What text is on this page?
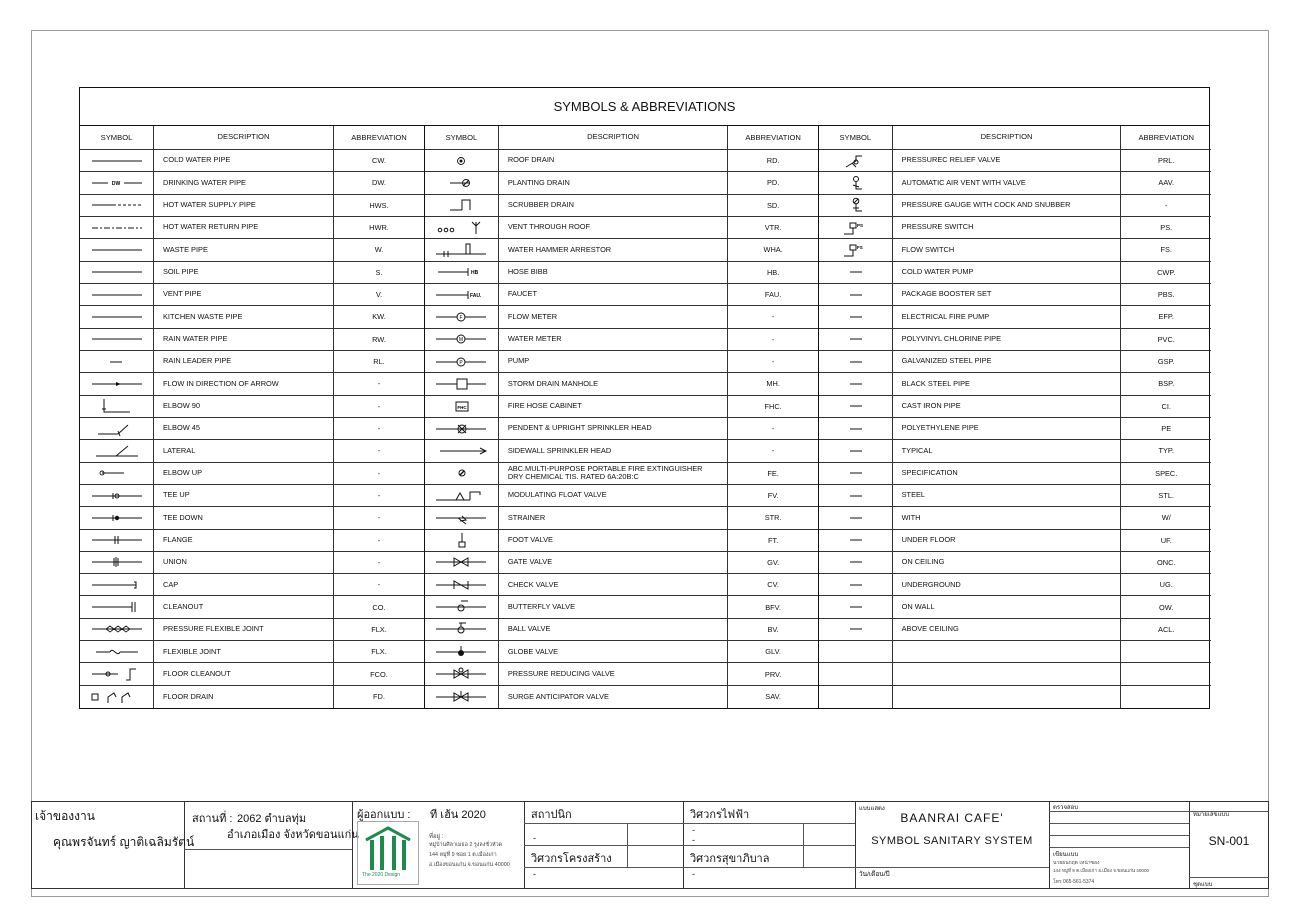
SYMBOLS & ABBREVIATIONS
SYMBOL	DESCRIPTION	ABBREVIATION
COLD WATER PIPE	CW.
DW	DRINKING WATER PIPE	DW.
HOT WATER SUPPLY PIPE	HWS.
HOT WATER RETURN PIPE	HWR.
WASTE PIPE	W.
SOIL PIPE	S.
VENT PIPE	V.
KITCHEN WASTE PIPE	KW.
RAIN WATER PIPE	RW.
RAIN LEADER PIPE	RL.
FLOW IN DIRECTION OF ARROW	-
ELBOW 90	-
ELBOW 45	-
LATERAL	-
ELBOW UP	-
TEE UP	-
TEE DOWN	-
FLANGE	-
UNION	-
CAP	-
CLEANOUT	CO.
PRESSURE FLEXIBLE JOINT	FLX.
FLEXIBLE JOINT	FLX.
FLOOR CLEANOUT	FCO.
FLOOR DRAIN	FD.
SYMBOL	DESCRIPTION	ABBREVIATION
ROOF DRAIN	RD.
PLANTING DRAIN	PD.
SCRUBBER DRAIN	SD.
VENT THROUGH ROOF	VTR.
WATER HAMMER ARRESTOR	WHA.
HB	HOSE BIBB	HB.
FAU.	FAUCET	FAU.
F	FLOW METER	-
M	WATER METER	-
P	PUMP	-
STORM DRAIN MANHOLE	MH.
FHC	FIRE HOSE CABINET	FHC.
PENDENT & UPRIGHT SPRINKLER HEAD	-
SIDEWALL SPRINKLER HEAD	-
ABC.MULTI-PURPOSE PORTABLE FIRE EXTINGUISHER
DRY CHEMICAL TIS. RATED 6A:20B:C	FE.
MODULATING FLOAT VALVE	FV.
STRAINER	STR.
FOOT VALVE	FT.
GATE VALVE	GV.
CHECK VALVE	CV.
BUTTERFLY VALVE	BFV.
BALL VALVE	BV.
GLOBE VALVE	GLV.
PRESSURE REDUCING VALVE	PRV.
SURGE ANTICIPATOR VALVE	SAV.
SYMBOL	DESCRIPTION	ABBREVIATION
PRESSUREC RELIEF VALVE	PRL.
AUTOMATIC AIR VENT WITH VALVE	AAV.
PRESSURE GAUGE WITH COCK AND SNUBBER	-
PS	PRESSURE SWITCH	PS.
FS	FLOW SWITCH	FS.
COLD WATER PUMP	CWP.
PACKAGE BOOSTER SET	PBS.
ELECTRICAL FIRE PUMP	EFP.
POLYVINYL CHLORINE PIPE	PVC.
GALVANIZED STEEL PIPE	GSP.
BLACK STEEL PIPE	BSP.
CAST IRON PIPE	CI.
POLYETHYLENE PIPE	PE
TYPICAL	TYP.
SPECIFICATION	SPEC.
STEEL	STL.
WITH	W/
UNDER FLOOR	UF.
ON CEILING	ONC.
UNDERGROUND	UG.
ON WALL	OW.
ABOVE CEILING	ACL.
เจ้าของงาน
คุณพรจันทร์ ญาติเฉลิมรัตน์
สถานที่ : 2062 ตำบลทุ่ม
อำเภอเมือง จังหวัดขอนแก่น
ผู้ออกแบบ : ที เฮ้น 2020
The 2020 Design
ที่อยู่ :
หมู่บ้านศิลาเมธอ 2 รูงลงชั่วหัวด
144 หมู่ที่ 9 ซอย 1 ต.เมืองเก่า
อ.เมืองขอนแก่น จ.ขอนแก่น 40000
สถาปนิก
-
วิศวกรโครงสร้าง
-
วิศวกรไฟฟ้า
-
-
วิศวกรสุขาภิบาล
-
แบบแสดง
BAANRAI CAFE'
SYMBOL SANITARY SYSTEM
วัน/เดือน/ปี
ตรวจสอบ
เขียนแบบ
นายธนกฤต เหน่าซอง
144 หมู่ที่ 9 ต.เมืองเก่า อ.เมือง จ.ขอนแก่น 40000
โทร 065-561-5374
หมายเลขแบบ
SN-001
ชุดแบบ
